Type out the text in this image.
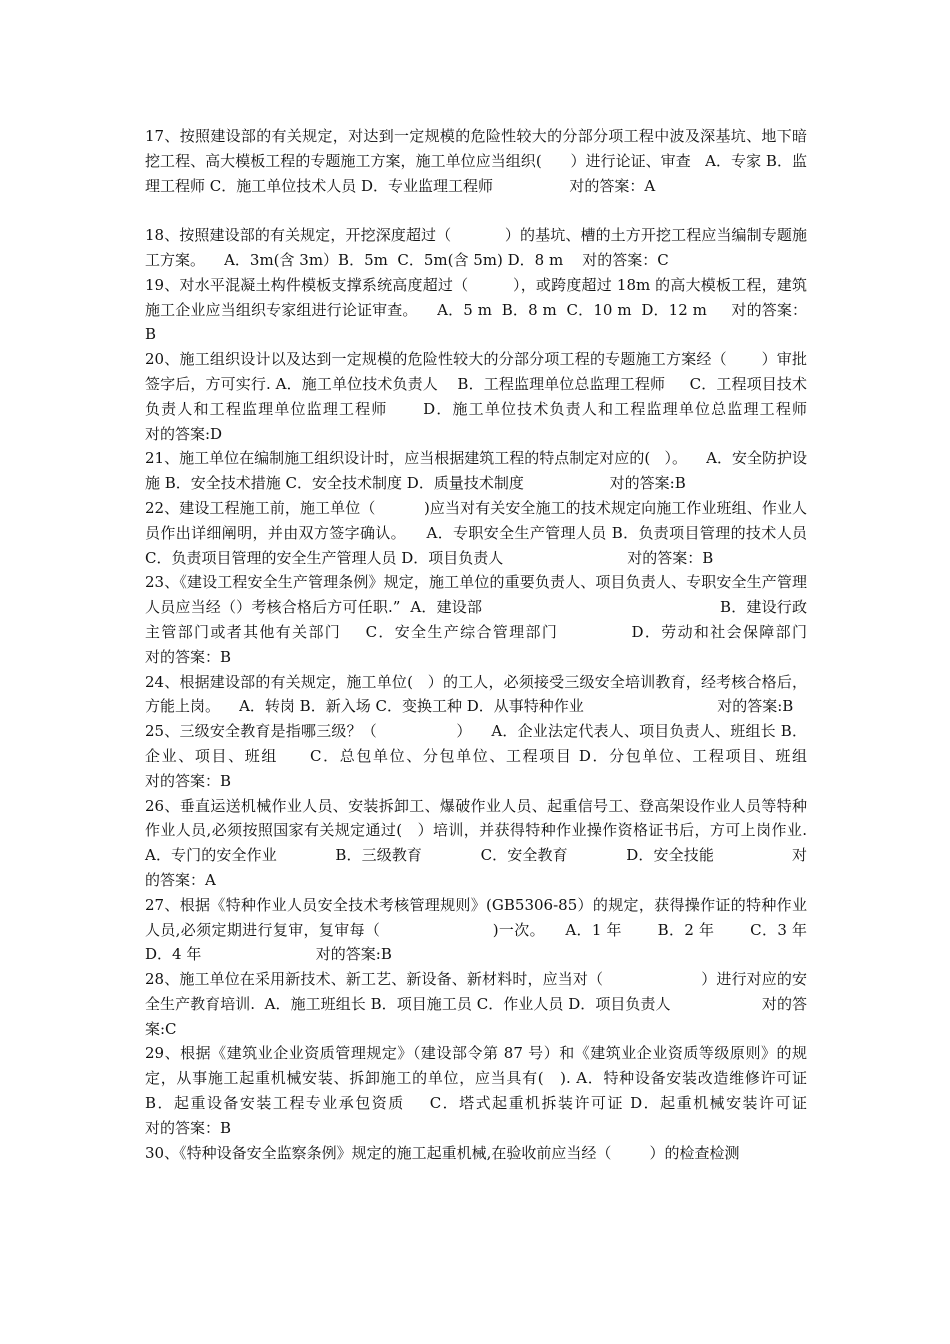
17、按照建设部的有关规定，对达到一定规模的危险性较大的分部分项工程中波及深基坑、地下暗挖工程、高大模板工程的专题施工方案，施工单位应当组织(      ）进行论证、审查   A．专家 B．监理工程师 C．施工单位技术人员 D．专业监理工程师                对的答案：A

18、按照建设部的有关规定，开挖深度超过（           ）的基坑、槽的土方开挖工程应当编制专题施工方案。    A．3m(含 3m）B．5m  C．5m(含 5m) D．8 m    对的答案：C

19、对水平混凝土构件模板支撑系统高度超过（         ），或跨度超过 18m 的高大模板工程，建筑施工企业应当组织专家组进行论证审查。    A．5 m  B．8 m  C．10 m  D．12 m     对的答案：B

20、施工组织设计以及达到一定规模的危险性较大的分部分项工程的专题施工方案经（       ）审批签字后，方可实行. A．施工单位技术负责人    B．工程监理单位总监理工程师     C．工程项目技术负责人和工程监理单位监理工程师      D．施工单位技术负责人和工程监理单位总监理工程师                          对的答案:D

21、施工单位在编制施工组织设计时，应当根据建筑工程的特点制定对应的(   ）。    A．安全防护设施 B．安全技术措施 C．安全技术制度 D．质量技术制度                  对的答案:B

22、建设工程施工前，施工单位（          )应当对有关安全施工的技术规定向施工作业班组、作业人员作出详细阐明，并由双方签字确认。    A．专职安全生产管理人员 B．负责项目管理的技术人员     C．负责项目管理的安全生产管理人员 D．项目负责人                          对的答案：B

23、《建设工程安全生产管理条例》规定，施工单位的重要负责人、项目负责人、专职安全生产管理人员应当经（）考核合格后方可任职.”  A．建设部                                                B．建设行政主管部门或者其他有关部门    C．安全生产综合管理部门            D．劳动和社会保障部门                          对的答案：B

24、根据建设部的有关规定，施工单位(   ）的工人，必须接受三级安全培训教育，经考核合格后，方能上岗。    A．转岗 B．新入场 C．变换工种 D．从事特种作业                            对的答案:B

25、三级安全教育是指哪三级？（                ）    A．企业法定代表人、项目负责人、班组长 B．企业、项目、班组     C．总包单位、分包单位、工程项目 D．分包单位、工程项目、班组                对的答案：B

26、垂直运送机械作业人员、安装拆卸工、爆破作业人员、起重信号工、登高架设作业人员等特种作业人员,必须按照国家有关规定通过(   ）培训，并获得特种作业操作资格证书后，方可上岗作业. A．专门的安全作业            B．三级教育            C．安全教育            D．安全技能                对的答案：A

27、根据《特种作业人员安全技术考核管理规则》(GB5306-85）的规定，获得操作证的特种作业人员,必须定期进行复审，复审每（                      )一次。    A．1 年       B．2 年       C．3 年       D．4 年                        对的答案:B

28、施工单位在采用新技术、新工艺、新设备、新材料时，应当对（                    ）进行对应的安全生产教育培训.  A．施工班组长 B．项目施工员 C．作业人员 D．项目负责人                   对的答案:C

29、根据《建筑业企业资质管理规定》（建设部令第 87 号）和《建筑业企业资质等级原则》的规定，从事施工起重机械安装、拆卸施工的单位，应当具有(   ). A．特种设备安装改造维修许可证 B．起重设备安装工程专业承包资质    C．塔式起重机拆装许可证 D．起重机械安装许可证                       对的答案：B

30、《特种设备安全监察条例》规定的施工起重机械,在验收前应当经（        ）的检查检测
